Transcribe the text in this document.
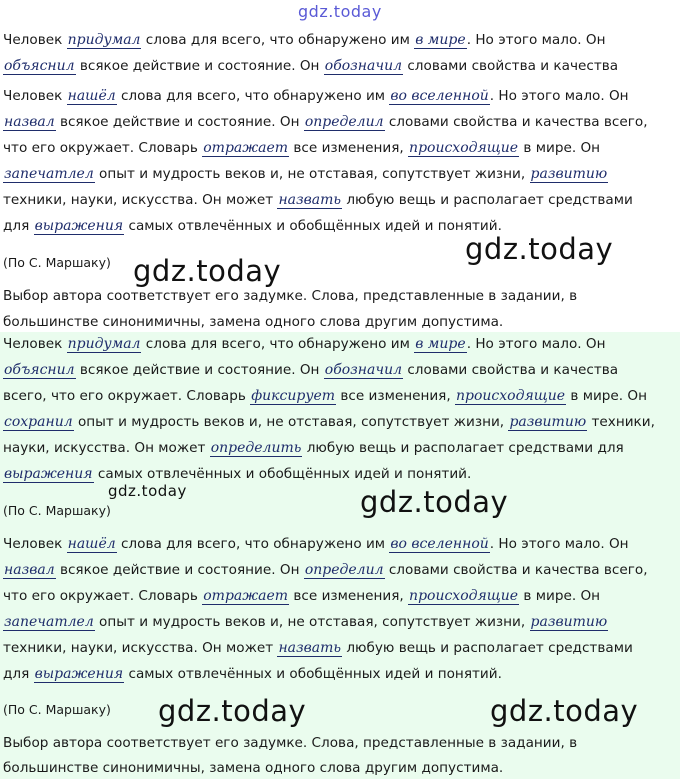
gdz.today
gdz.today
gdz.today
gdz.today	gdz.today
gdz.today	gdz.today
Человек придумал слова для всего, что обнаружено им в мире. Но этого мало. Он
объяснил всякое действие и состояние. Он обозначил словами свойства и качества
Человек нашёл слова для всего, что обнаружено им во вселенной. Но этого мало. Он
назвал всякое действие и состояние. Он определил словами свойства и качества всего,
что его окружает. Словарь отражает все изменения, происходящие в мире. Он
запечатлел опыт и мудрость веков и, не отставая, сопутствует жизни, развитию
техники, науки, искусства. Он может назвать любую вещь и располагает средствами
для выражения самых отвлечённых и обобщённых идей и понятий.
(По С. Маршаку)
Выбор автора соответствует его задумке. Слова, представленные в задании, в
большинстве синонимичны, замена одного слова другим допустима.
Человек придумал слова для всего, что обнаружено им в мире. Но этого мало. Он
объяснил всякое действие и состояние. Он обозначил словами свойства и качества
всего, что его окружает. Словарь фиксирует все изменения, происходящие в мире. Он
сохранил опыт и мудрость веков и, не отставая, сопутствует жизни, развитию техники,
науки, искусства. Он может определить любую вещь и располагает средствами для
выражения самых отвлечённых и обобщённых идей и понятий.
(По С. Маршаку)
Человек нашёл слова для всего, что обнаружено им во вселенной. Но этого мало. Он
назвал всякое действие и состояние. Он определил словами свойства и качества всего,
что его окружает. Словарь отражает все изменения, происходящие в мире. Он
запечатлел опыт и мудрость веков и, не отставая, сопутствует жизни, развитию
техники, науки, искусства. Он может назвать любую вещь и располагает средствами
для выражения самых отвлечённых и обобщённых идей и понятий.
(По С. Маршаку)
Выбор автора соответствует его задумке. Слова, представленные в задании, в
большинстве синонимичны, замена одного слова другим допустима.
